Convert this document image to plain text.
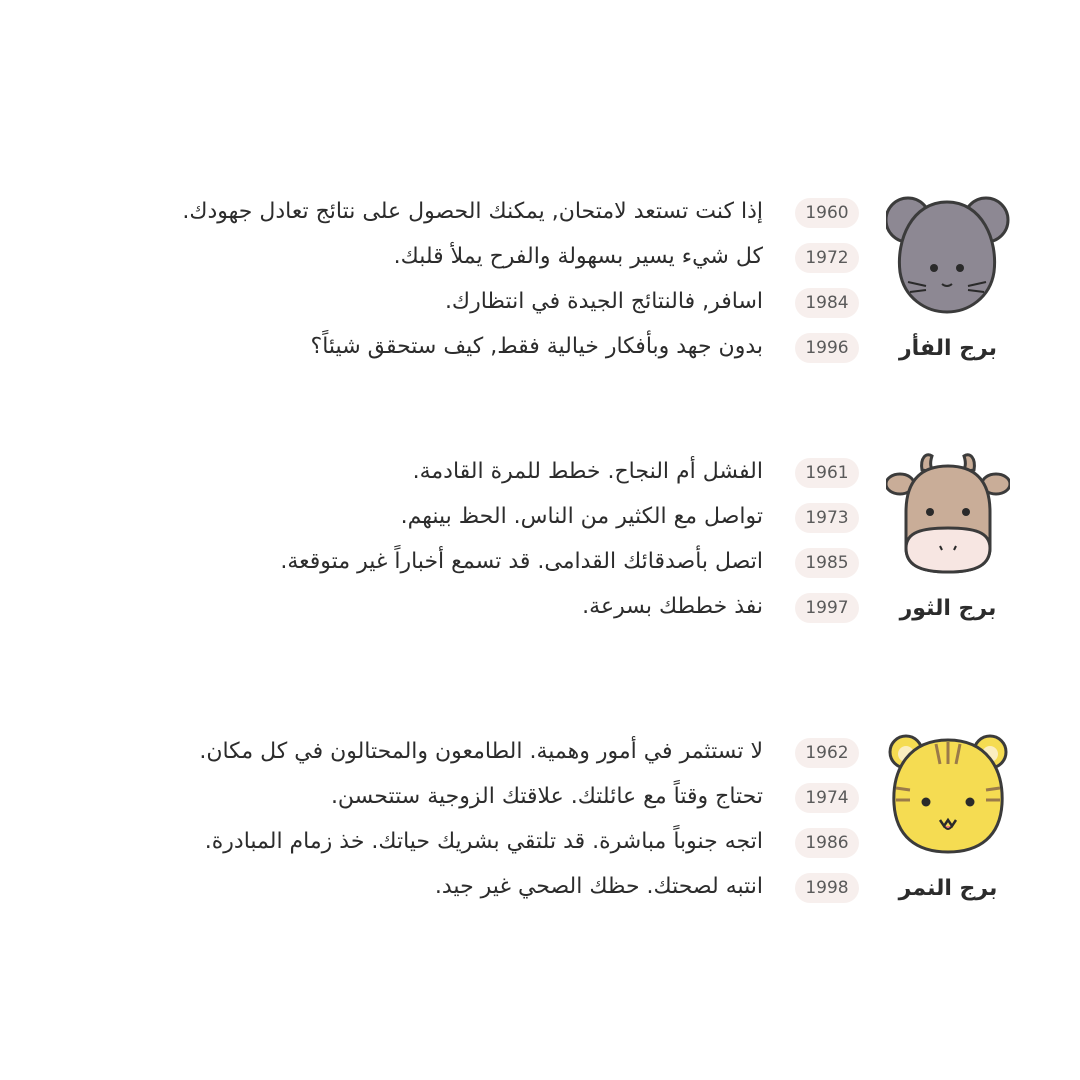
برج الفأر
1960
إذا كنت تستعد لامتحان, يمكنك الحصول على نتائج تعادل جهودك.
1972
كل شيء يسير بسهولة والفرح يملأ قلبك.
1984
اسافر, فالنتائج الجيدة في انتظارك.
1996
بدون جهد وبأفكار خيالية فقط, كيف ستحقق شيئاً؟
برج الثور
1961
الفشل أم النجاح. خطط للمرة القادمة.
1973
تواصل مع الكثير من الناس. الحظ بينهم.
1985
اتصل بأصدقائك القدامى. قد تسمع أخباراً غير متوقعة.
1997
نفذ خططك بسرعة.
برج النمر
1962
لا تستثمر في أمور وهمية. الطامعون والمحتالون في كل مكان.
1974
تحتاج وقتاً مع عائلتك. علاقتك الزوجية ستتحسن.
1986
اتجه جنوباً مباشرة. قد تلتقي بشريك حياتك. خذ زمام المبادرة.
1998
انتبه لصحتك. حظك الصحي غير جيد.
